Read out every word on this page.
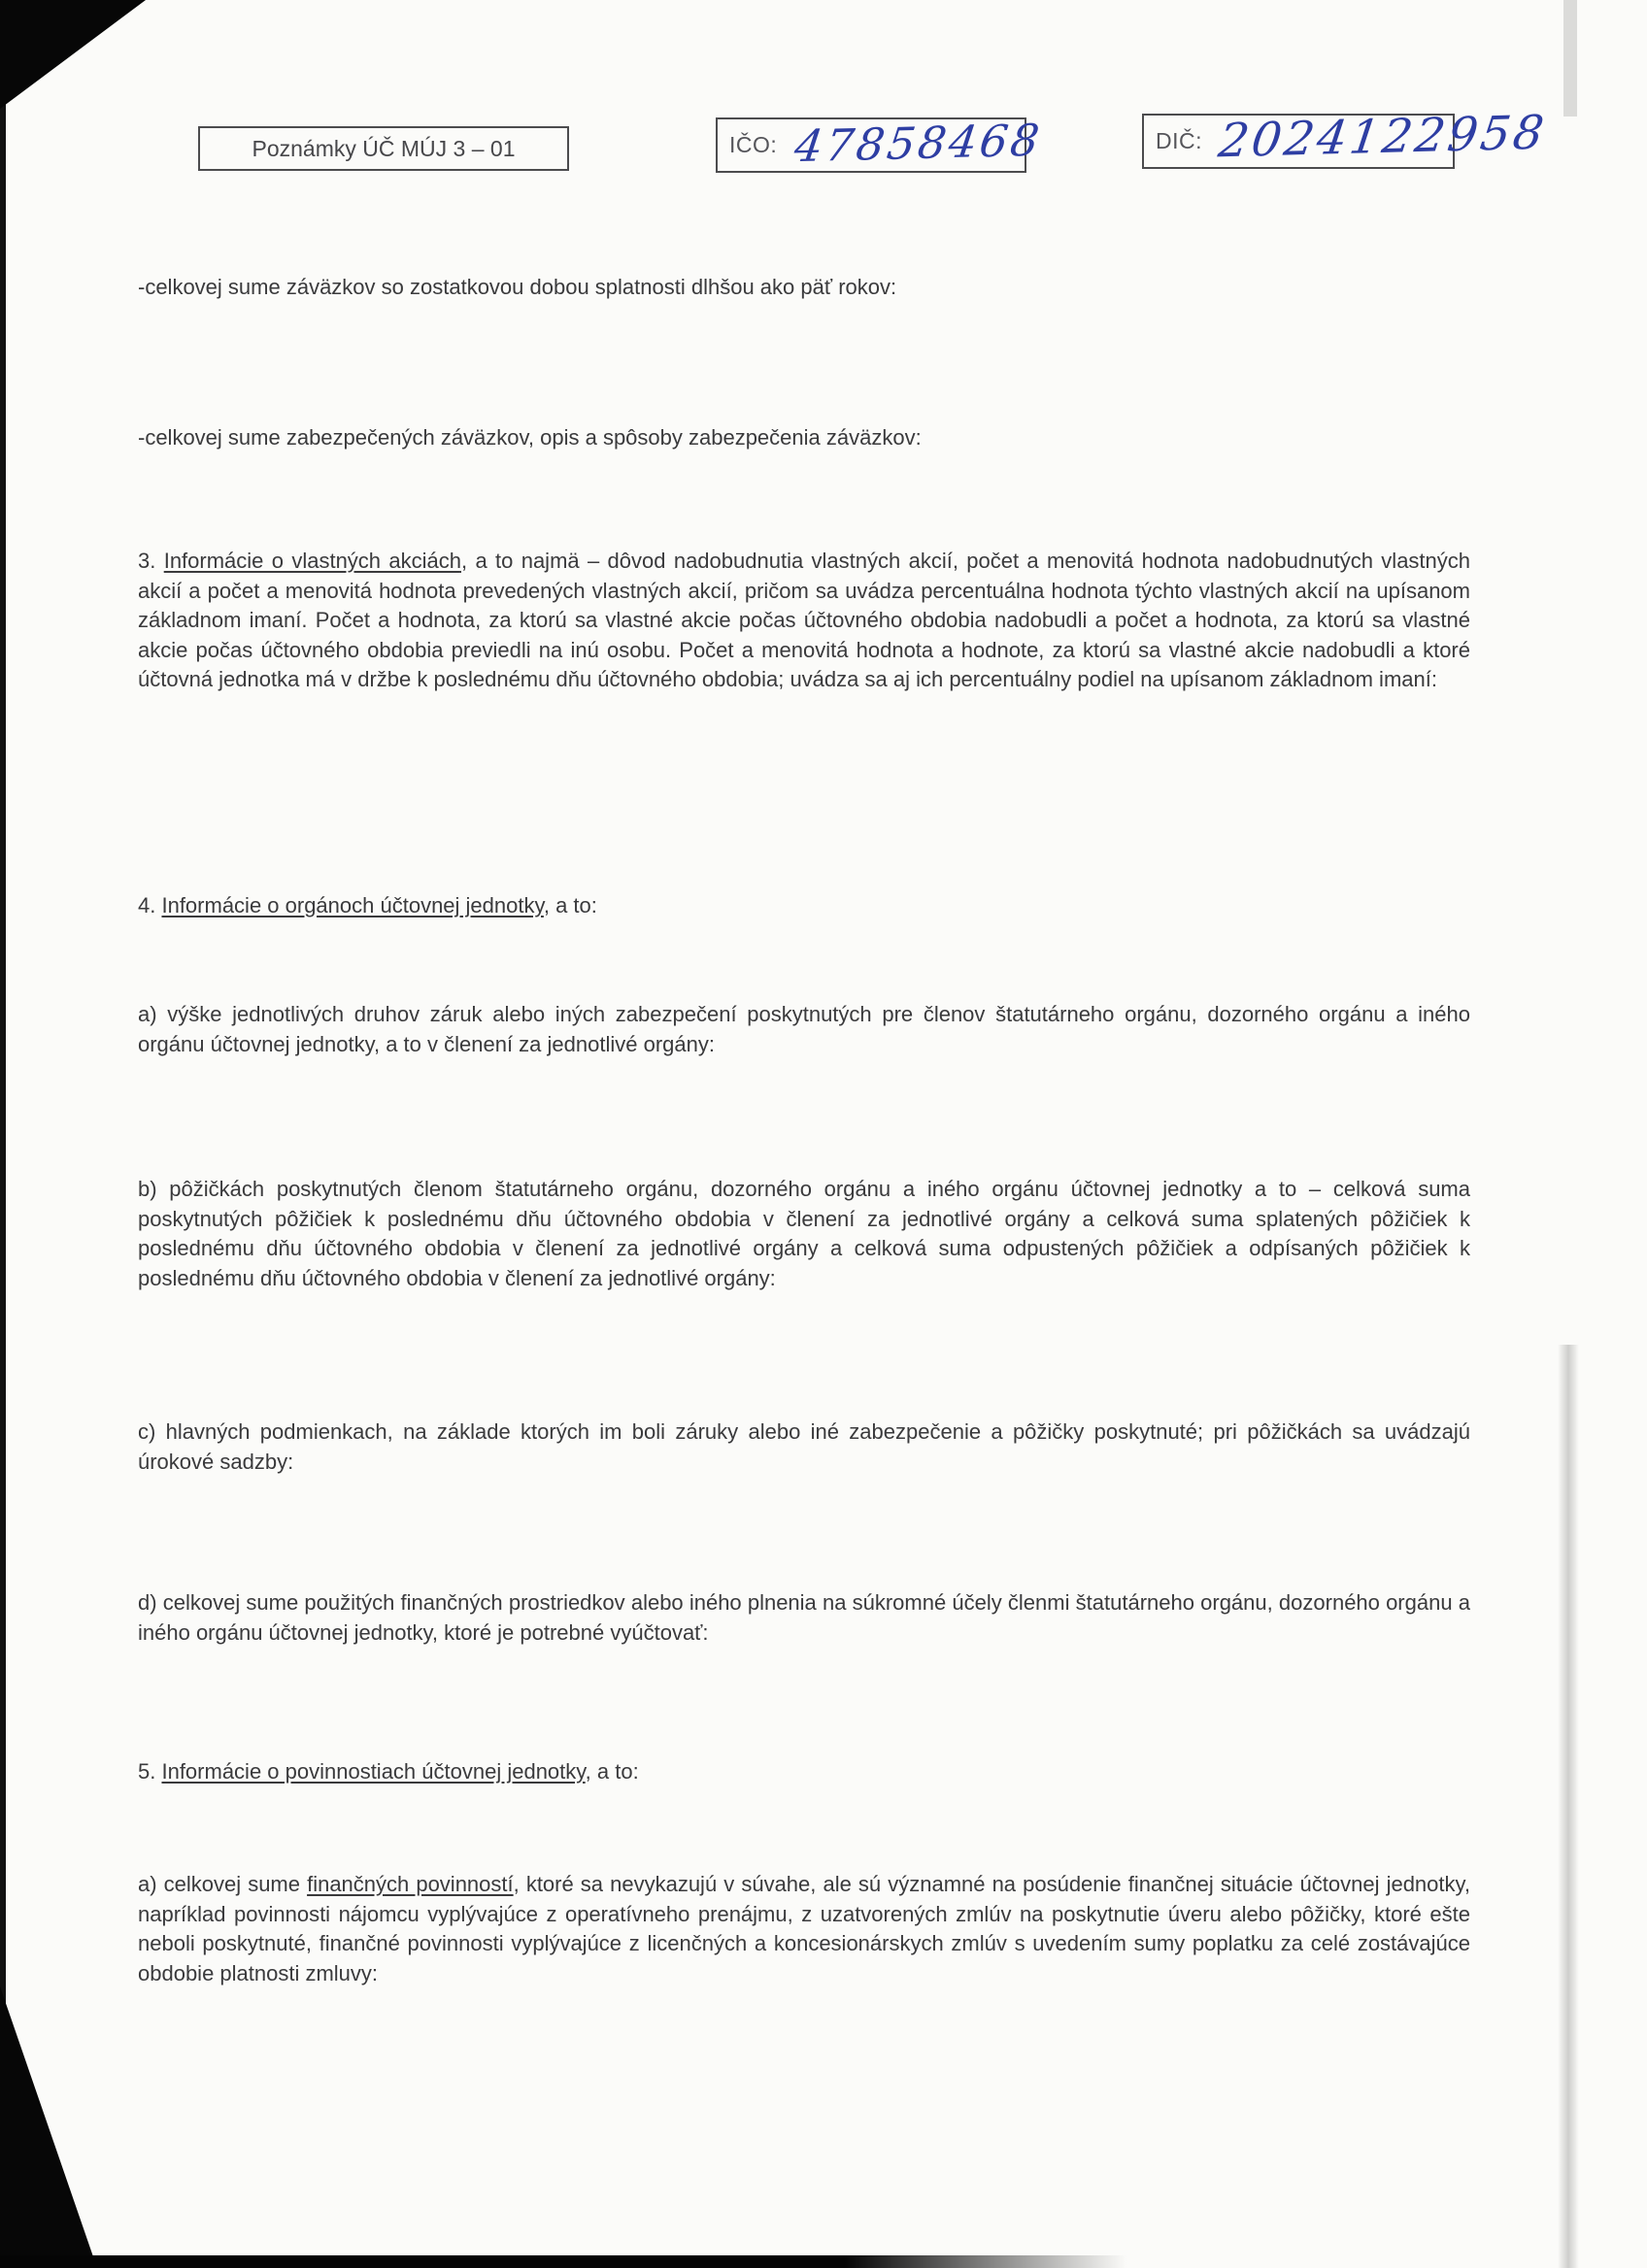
Poznámky ÚČ MÚJ 3 – 01	IČO: 47858468	DIČ: 2024122958
-celkovej sume záväzkov so zostatkovou dobou splatnosti dlhšou ako päť rokov:
-celkovej sume zabezpečených záväzkov, opis a spôsoby zabezpečenia záväzkov:
3. Informácie o vlastných akciách, a to najmä – dôvod nadobudnutia vlastných akcií, počet a menovitá hodnota nadobudnutých vlastných akcií a počet a menovitá hodnota prevedených vlastných akcií, pričom sa uvádza percentuálna hodnota týchto vlastných akcií na upísanom základnom imaní. Počet a hodnota, za ktorú sa vlastné akcie počas účtovného obdobia nadobudli a počet a hodnota, za ktorú sa vlastné akcie počas účtovného obdobia previedli na inú osobu. Počet a menovitá hodnota a hodnote, za ktorú sa vlastné akcie nadobudli a ktoré účtovná jednotka má v držbe k poslednému dňu účtovného obdobia; uvádza sa aj ich percentuálny podiel na upísanom základnom imaní:
4. Informácie o orgánoch účtovnej jednotky, a to:
a) výške jednotlivých druhov záruk alebo iných zabezpečení poskytnutých pre členov štatutárneho orgánu, dozorného orgánu a iného orgánu účtovnej jednotky, a to v členení za jednotlivé orgány:
b) pôžičkách poskytnutých členom štatutárneho orgánu, dozorného orgánu a iného orgánu účtovnej jednotky a to – celková suma poskytnutých pôžičiek k poslednému dňu účtovného obdobia v členení za jednotlivé orgány a celková suma splatených pôžičiek k poslednému dňu účtovného obdobia v členení za jednotlivé orgány a celková suma odpustených pôžičiek a odpísaných pôžičiek k poslednému dňu účtovného obdobia v členení za jednotlivé orgány:
c) hlavných podmienkach, na základe ktorých im boli záruky alebo iné zabezpečenie a pôžičky poskytnuté; pri pôžičkách sa uvádzajú úrokové sadzby:
d) celkovej sume použitých finančných prostriedkov alebo iného plnenia na súkromné účely členmi štatutárneho orgánu, dozorného orgánu a iného orgánu účtovnej jednotky, ktoré je potrebné vyúčtovať:
5. Informácie o povinnostiach účtovnej jednotky, a to:
a) celkovej sume finančných povinností, ktoré sa nevykazujú v súvahe, ale sú významné na posúdenie finančnej situácie účtovnej jednotky, napríklad povinnosti nájomcu vyplývajúce z operatívneho prenájmu, z uzatvorených zmlúv na poskytnutie úveru alebo pôžičky, ktoré ešte neboli poskytnuté, finančné povinnosti vyplývajúce z licenčných a koncesionárskych zmlúv s uvedením sumy poplatku za celé zostávajúce obdobie platnosti zmluvy:
